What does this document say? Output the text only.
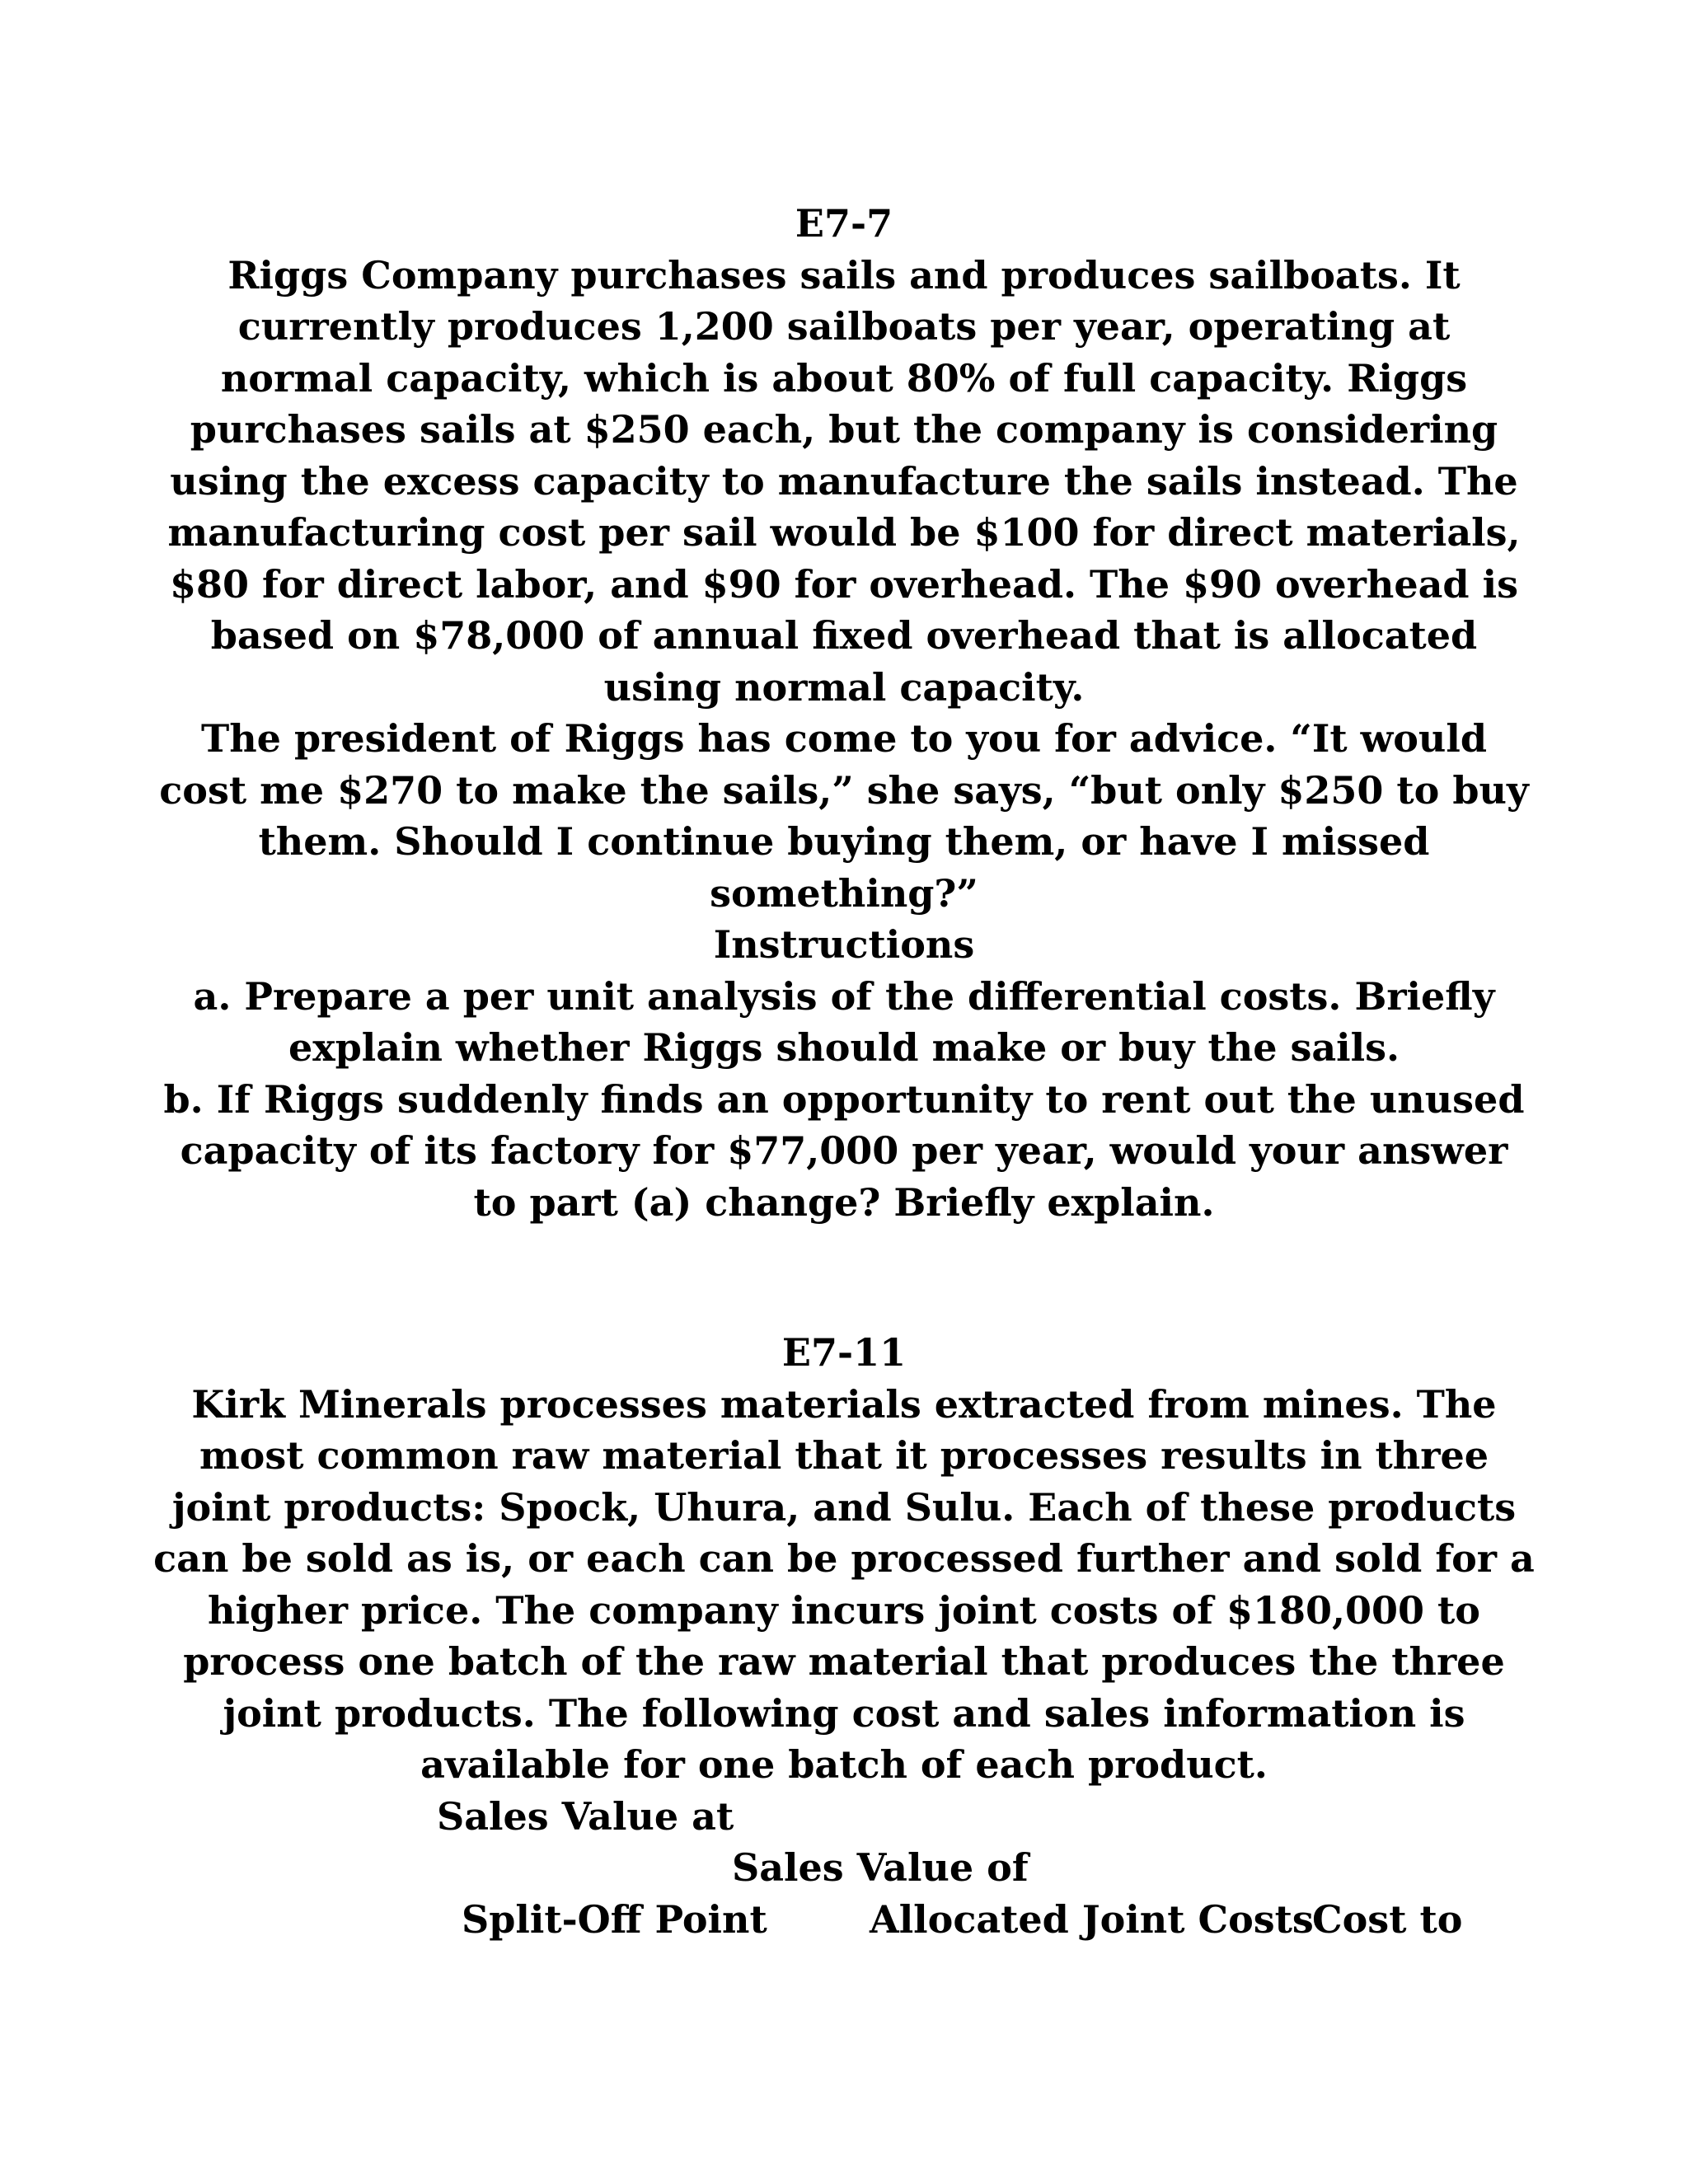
E7-7
Riggs Company purchases sails and produces sailboats. It
currently produces 1,200 sailboats per year, operating at
normal capacity, which is about 80% of full capacity. Riggs
purchases sails at $250 each, but the company is considering
using the excess capacity to manufacture the sails instead. The
manufacturing cost per sail would be $100 for direct materials,
$80 for direct labor, and $90 for overhead. The $90 overhead is
based on $78,000 of annual fixed overhead that is allocated
using normal capacity.
The president of Riggs has come to you for advice. “It would
cost me $270 to make the sails,” she says, “but only $250 to buy
them. Should I continue buying them, or have I missed
something?”
Instructions
a. Prepare a per unit analysis of the differential costs. Briefly
explain whether Riggs should make or buy the sails.
b. If Riggs suddenly finds an opportunity to rent out the unused
capacity of its factory for $77,000 per year, would your answer
to part (a) change? Briefly explain.
E7-11
Kirk Minerals processes materials extracted from mines. The
most common raw material that it processes results in three
joint products: Spock, Uhura, and Sulu. Each of these products
can be sold as is, or each can be processed further and sold for a
higher price. The company incurs joint costs of $180,000 to
process one batch of the raw material that produces the three
joint products. The following cost and sales information is
available for one batch of each product.
Sales Value at
Sales Value of
Split-Off Point	Allocated Joint Costs
Cost to
